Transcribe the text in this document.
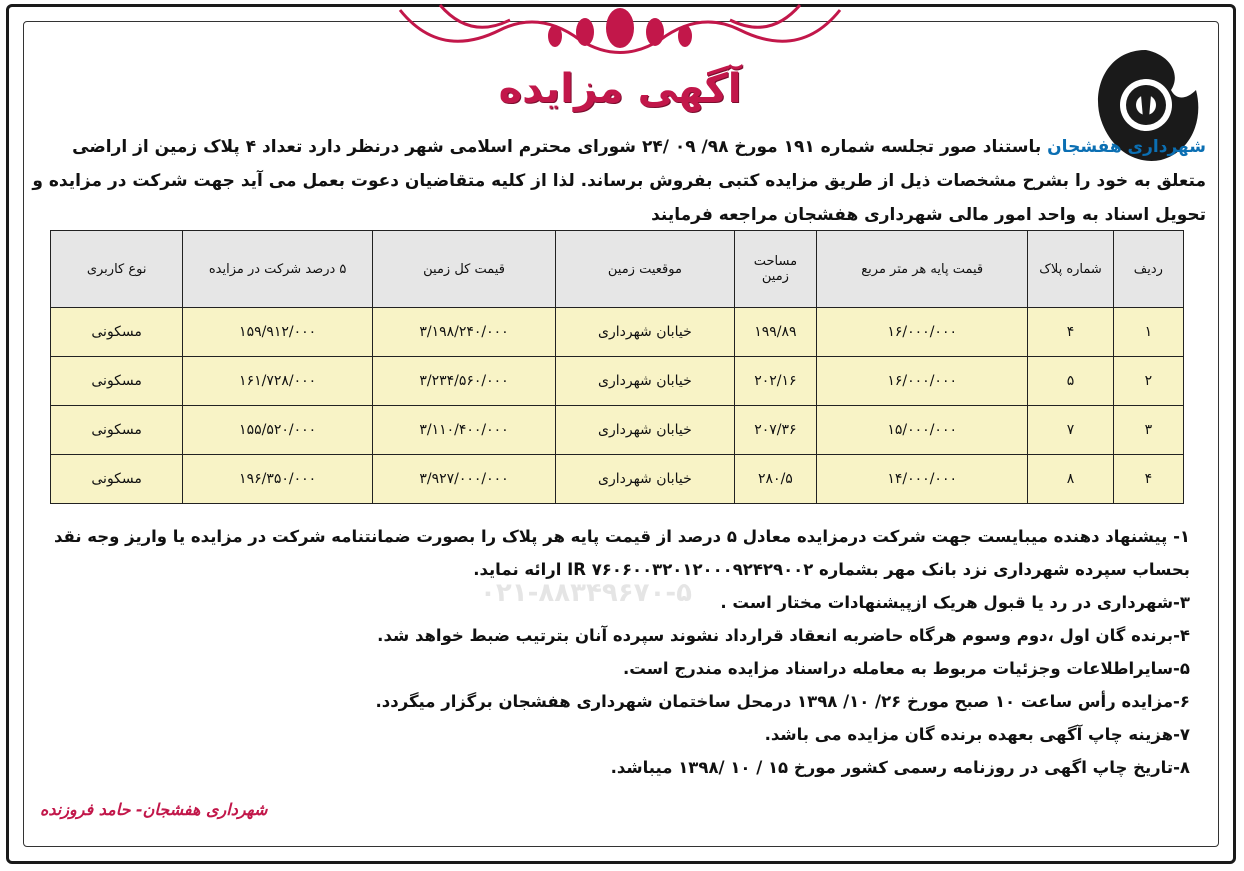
آگهی مزایده
شهرداری هفشجان باستناد صور تجلسه شماره ۱۹۱ مورخ ۹۸/ ۰۹ /۲۴ شورای محترم اسلامی شهر درنظر دارد تعداد ۴ پلاک زمین از اراضی متعلق به خود را بشرح مشخصات ذیل از طریق مزایده کتبی بفروش برساند. لذا از کلیه متقاضیان دعوت بعمل می آید جهت شرکت در مزایده و تحویل اسناد به واحد امور مالی شهرداری هفشجان مراجعه فرمایند
۰۲۱-۸۸۳۴۹۶۷۰-۵
ردیف	شماره پلاک	قیمت پایه هر متر مربع	مساحت زمین	موقعیت زمین	قیمت کل زمین	۵ درصد شرکت در مزایده	نوع کاربری
۱	۴	۱۶/۰۰۰/۰۰۰	۱۹۹/۸۹	خیابان شهرداری	۳/۱۹۸/۲۴۰/۰۰۰	۱۵۹/۹۱۲/۰۰۰	مسکونی
۲	۵	۱۶/۰۰۰/۰۰۰	۲۰۲/۱۶	خیابان شهرداری	۳/۲۳۴/۵۶۰/۰۰۰	۱۶۱/۷۲۸/۰۰۰	مسکونی
۳	۷	۱۵/۰۰۰/۰۰۰	۲۰۷/۳۶	خیابان شهرداری	۳/۱۱۰/۴۰۰/۰۰۰	۱۵۵/۵۲۰/۰۰۰	مسکونی
۴	۸	۱۴/۰۰۰/۰۰۰	۲۸۰/۵	خیابان شهرداری	۳/۹۲۷/۰۰۰/۰۰۰	۱۹۶/۳۵۰/۰۰۰	مسکونی
۱- پیشنهاد دهنده میبایست جهت شرکت درمزایده معادل ۵ درصد از قیمت پایه هر پلاک را بصورت ضمانتنامه شرکت در مزایده یا واریز وجه نقد بحساب سپرده شهرداری نزد بانک مهر بشماره IR ۷۶۰۶۰۰۳۲۰۱۲۰۰۰۹۲۴۲۹۰۰۲ ارائه نماید.
۳-شهرداری در رد یا قبول هریک ازپیشنهادات مختار است .
۴-برنده گان اول ،دوم وسوم هرگاه حاضربه انعقاد قرارداد نشوند سپرده آنان بترتیب ضبط خواهد شد.
۵-سایراطلاعات وجزئیات مربوط به معامله دراسناد مزایده مندرج است.
۶-مزایده رأس ساعت ۱۰ صبح مورخ ۲۶/ ۱۰/ ۱۳۹۸ درمحل ساختمان شهرداری هفشجان برگزار میگردد.
۷-هزینه چاپ آگهی بعهده برنده گان مزایده می باشد.
۸-تاریخ چاپ اگهی در روزنامه رسمی کشور مورخ ۱۵ / ۱۰ /۱۳۹۸ میباشد.
شهرداری هفشجان- حامد فروزنده
